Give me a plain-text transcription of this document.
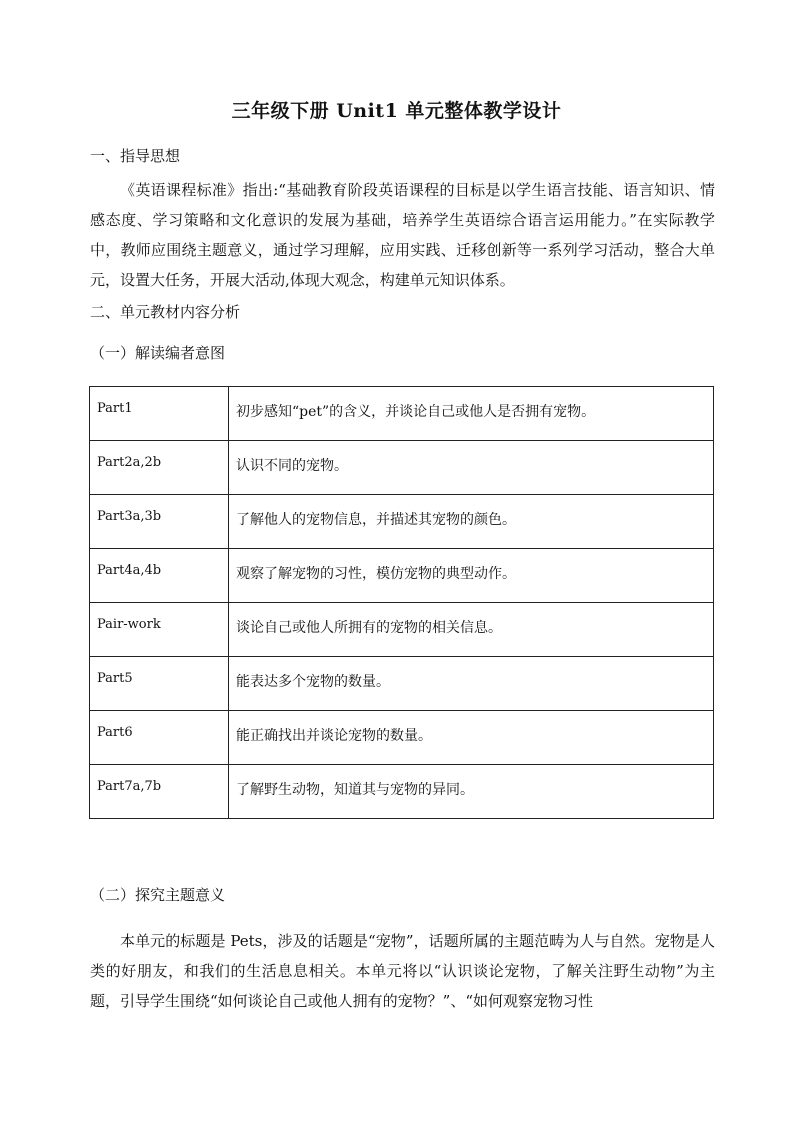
三年级下册 Unit1 单元整体教学设计
一、指导思想

《英语课程标准》指出:“基础教育阶段英语课程的目标是以学生语言技能、语言知识、情感态度、学习策略和文化意识的发展为基础，培养学生英语综合语言运用能力。”在实际教学中，教师应围绕主题意义，通过学习理解，应用实践、迁移创新等一系列学习活动，整合大单元，设置大任务，开展大活动,体现大观念，构建单元知识体系。

二、单元教材内容分析
（一）解读编者意图
Part1	初步感知“pet”的含义，并谈论自己或他人是否拥有宠物。
Part2a,2b	认识不同的宠物。
Part3a,3b	了解他人的宠物信息，并描述其宠物的颜色。
Part4a,4b	观察了解宠物的习性，模仿宠物的典型动作。
Pair-work	谈论自己或他人所拥有的宠物的相关信息。
Part5	能表达多个宠物的数量。
Part6	能正确找出并谈论宠物的数量。
Part7a,7b	了解野生动物，知道其与宠物的异同。
（二）探究主题意义

本单元的标题是 Pets，涉及的话题是“宠物”，话题所属的主题范畴为人与自然。宠物是人类的好朋友，和我们的生活息息相关。本单元将以“认识谈论宠物，了解关注野生动物”为主题，引导学生围绕“如何谈论自己或他人拥有的宠物？”、“如何观察宠物习性
